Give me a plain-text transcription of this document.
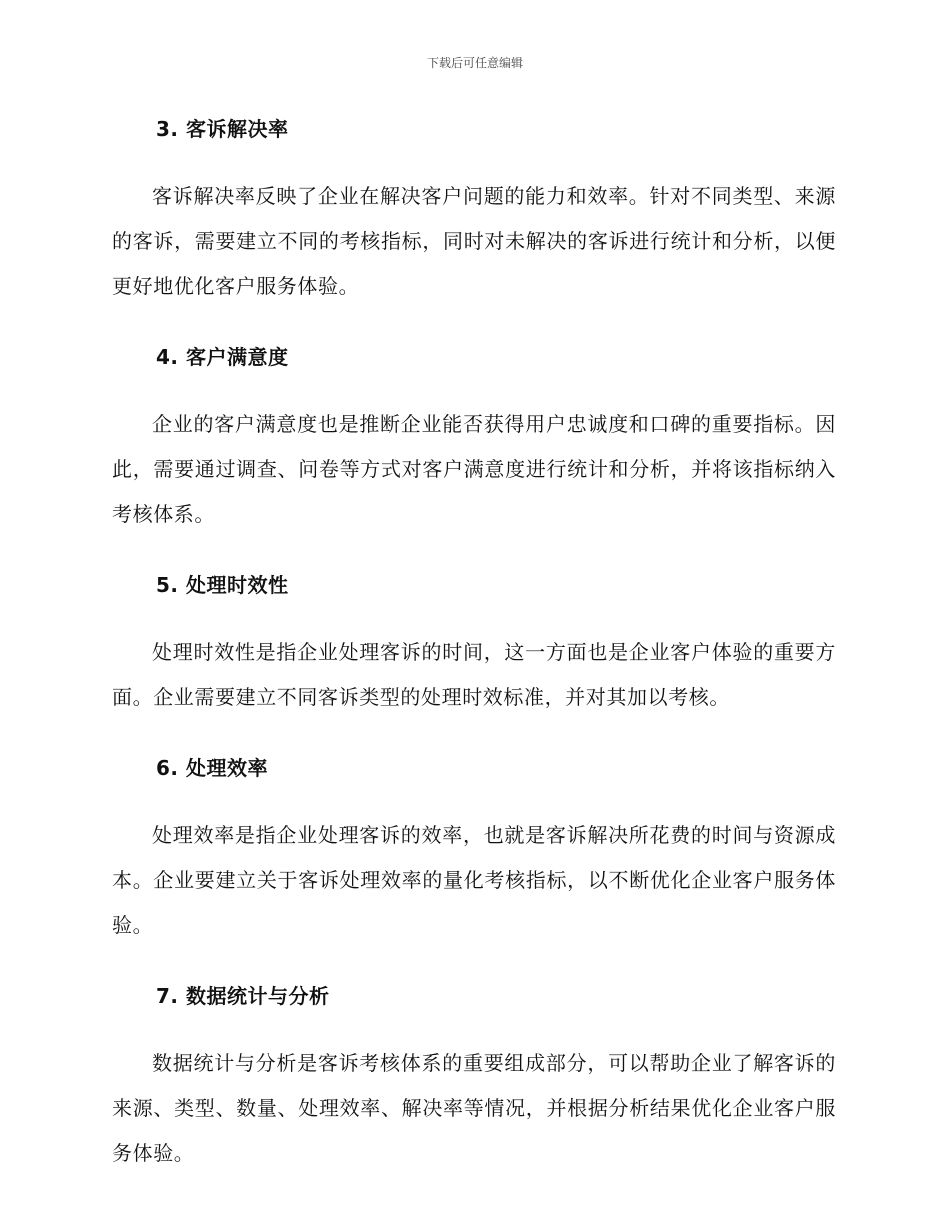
下载后可任意编辑
3. 客诉解决率

客诉解决率反映了企业在解决客户问题的能力和效率。针对不同类型、来源的客诉，需要建立不同的考核指标，同时对未解决的客诉进行统计和分析，以便更好地优化客户服务体验。

4. 客户满意度

企业的客户满意度也是推断企业能否获得用户忠诚度和口碑的重要指标。因此，需要通过调查、问卷等方式对客户满意度进行统计和分析，并将该指标纳入考核体系。

5. 处理时效性

处理时效性是指企业处理客诉的时间，这一方面也是企业客户体验的重要方面。企业需要建立不同客诉类型的处理时效标准，并对其加以考核。

6. 处理效率

处理效率是指企业处理客诉的效率，也就是客诉解决所花费的时间与资源成本。企业要建立关于客诉处理效率的量化考核指标，以不断优化企业客户服务体验。

7. 数据统计与分析

数据统计与分析是客诉考核体系的重要组成部分，可以帮助企业了解客诉的来源、类型、数量、处理效率、解决率等情况，并根据分析结果优化企业客户服务体验。
